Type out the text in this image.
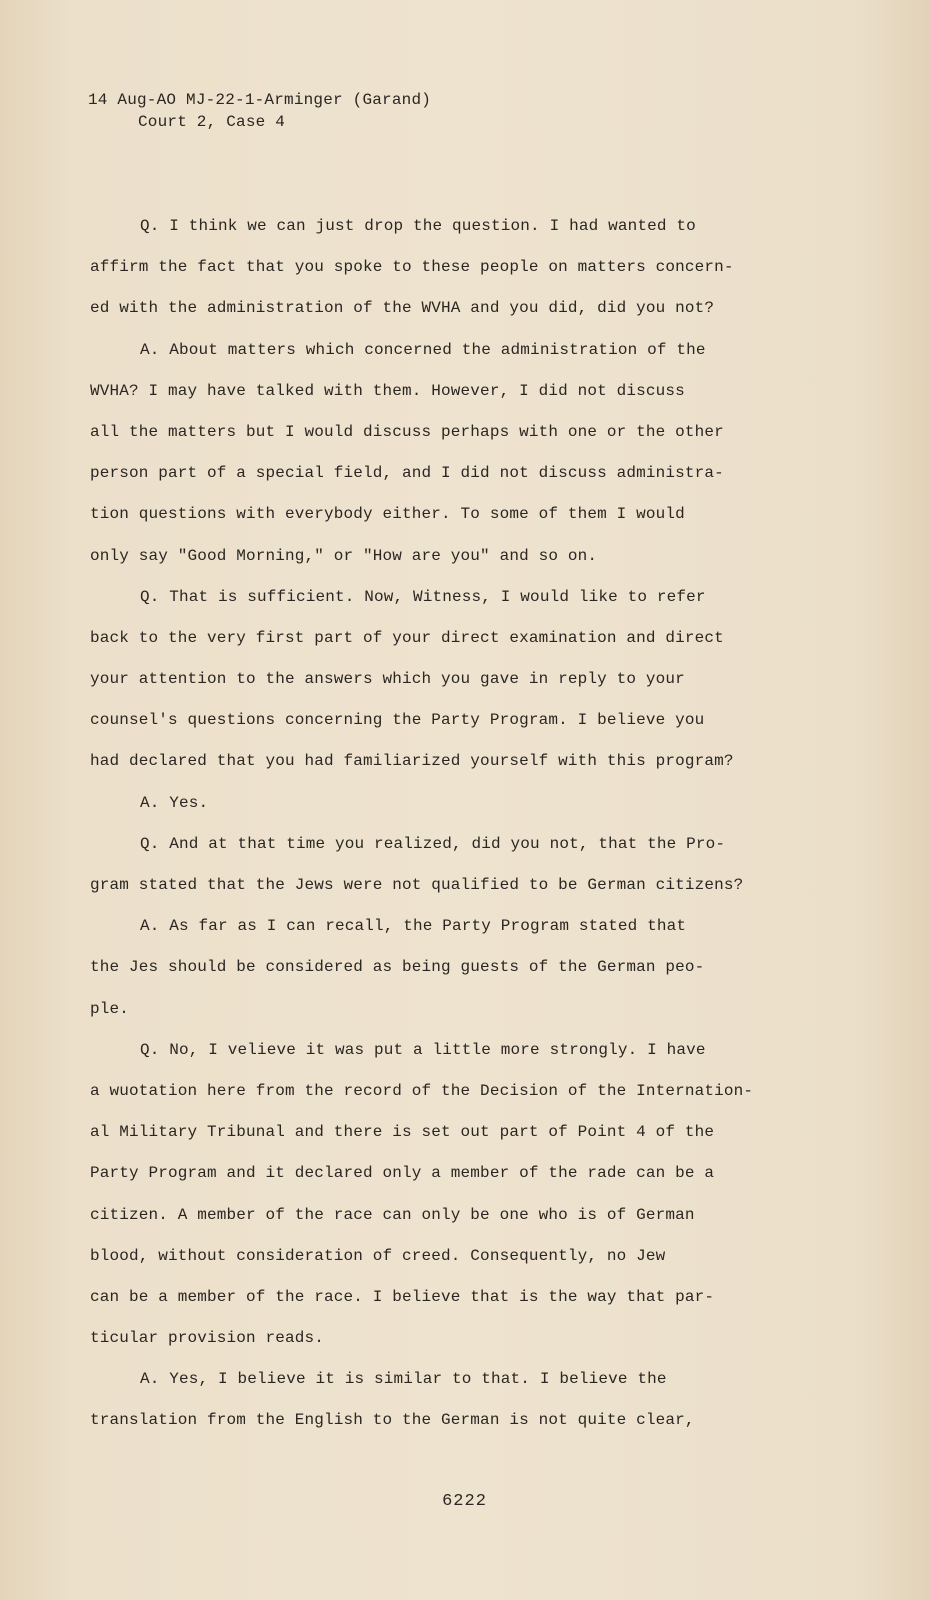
14 Aug-AO MJ-22-1-Arminger (Garand)
Court 2, Case 4
Q. I think we can just drop the question. I had wanted to
affirm the fact that you spoke to these people on matters concern-
ed with the administration of the WVHA and you did, did you not?
A. About matters which concerned the administration of the
WVHA? I may have talked with them. However, I did not discuss
all the matters but I would discuss perhaps with one or the other
person part of a special field, and I did not discuss administra-
tion questions with everybody either. To some of them I would
only say "Good Morning," or "How are you" and so on.
Q. That is sufficient. Now, Witness, I would like to refer
back to the very first part of your direct examination and direct
your attention to the answers which you gave in reply to your
counsel's questions concerning the Party Program. I believe you
had declared that you had familiarized yourself with this program?
A. Yes.
Q. And at that time you realized, did you not, that the Pro-
gram stated that the Jews were not qualified to be German citizens?
A. As far as I can recall, the Party Program stated that
the Jes should be considered as being guests of the German peo-
ple.
Q. No, I velieve it was put a little more strongly. I have
a wuotation here from the record of the Decision of the Internation-
al Military Tribunal and there is set out part of Point 4 of the
Party Program and it declared only a member of the rade can be a
citizen. A member of the race can only be one who is of German
blood, without consideration of creed. Consequently, no Jew
can be a member of the race. I believe that is the way that par-
ticular provision reads.
A. Yes, I believe it is similar to that. I believe the
translation from the English to the German is not quite clear,
6222
